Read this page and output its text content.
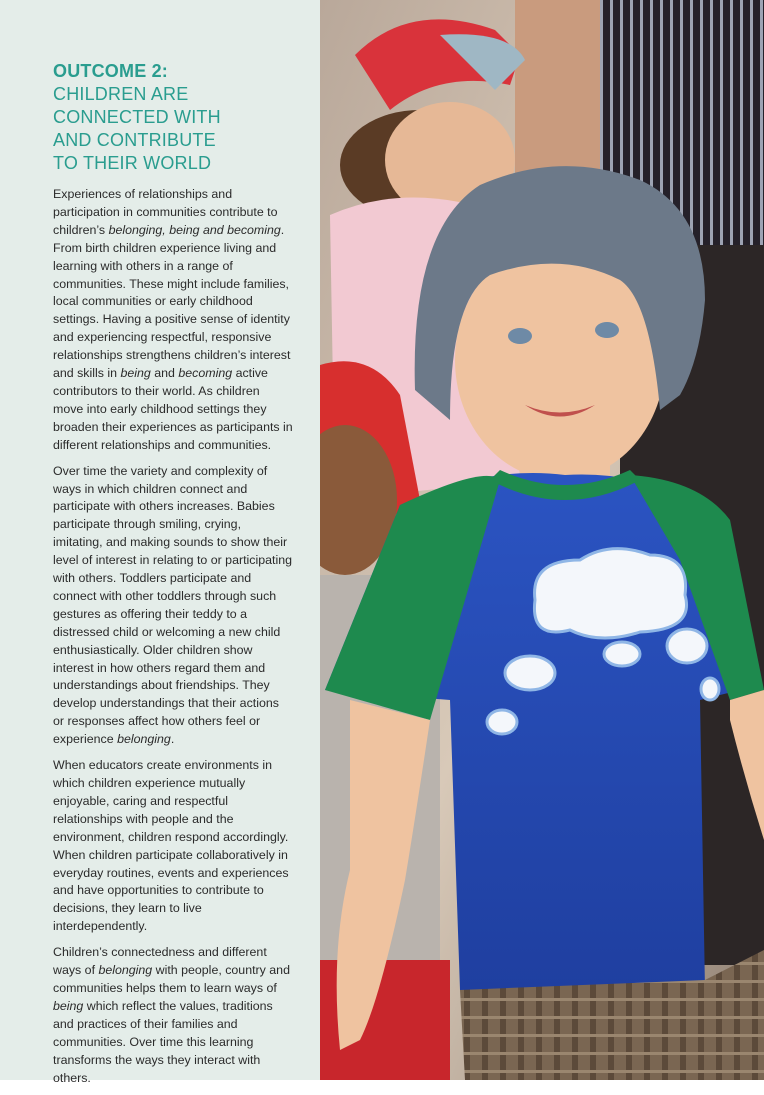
OUTCOME 2:
CHILDREN ARE
CONNECTED WITH
AND CONTRIBUTE
TO THEIR WORLD

Experiences of relationships and participation in communities contribute to children’s belonging, being and becoming. From birth children experience living and learning with others in a range of communities. These might include families, local communities or early childhood settings. Having a positive sense of identity and experiencing respectful, responsive relationships strengthens children’s interest and skills in being and becoming active contributors to their world. As children move into early childhood settings they broaden their experiences as participants in different relationships and communities.

Over time the variety and complexity of ways in which children connect and participate with others increases. Babies participate through smiling, crying, imitating, and making sounds to show their level of interest in relating to or participating with others. Toddlers participate and connect with other toddlers through such gestures as offering their teddy to a distressed child or welcoming a new child enthusiastically. Older children show interest in how others regard them and understandings about friendships. They develop understandings that their actions or responses affect how others feel or experience belonging.

When educators create environments in which children experience mutually enjoyable, caring and respectful relationships with people and the environment, children respond accordingly. When children participate collaboratively in everyday routines, events and experiences and have opportunities to contribute to decisions, they learn to live interdependently.

Children’s connectedness and different ways of belonging with people, country and communities helps them to learn ways of being which reflect the values, traditions and practices of their families and communities. Over time this learning transforms the ways they interact with others.
